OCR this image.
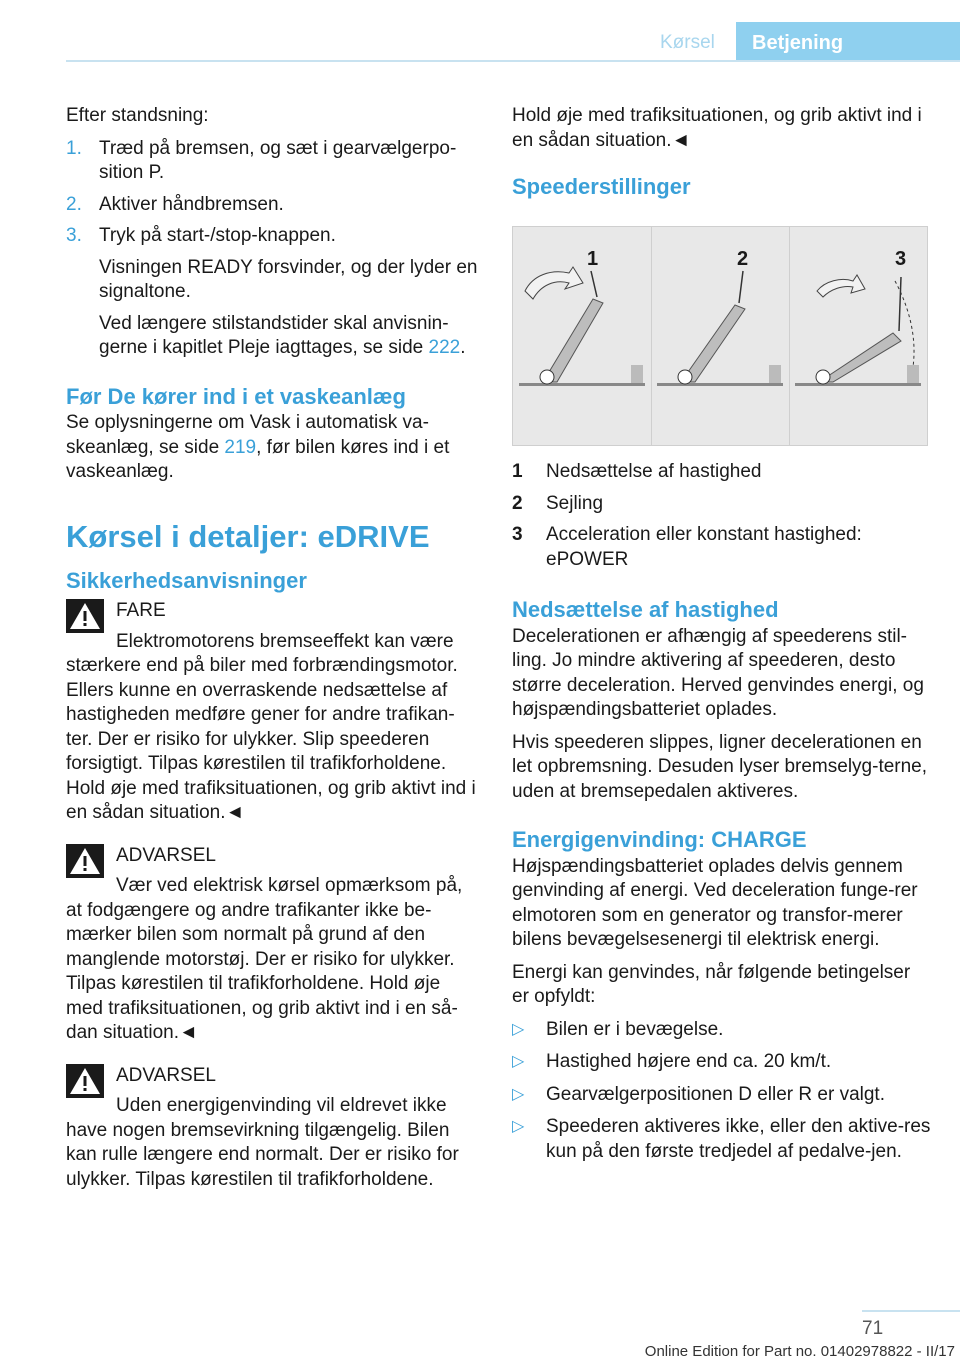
Kørsel	Betjening

Efter standsning:

1. Træd på bremsen, og sæt i gearvælgerpo-sition P.
2. Aktiver håndbremsen.
3. Tryk på start-/stop-knappen.

Visningen READY forsvinder, og der lyder en signaltone.

Ved længere stilstandstider skal anvisnin-gerne i kapitlet Pleje iagttages, se side 222.

Før De kører ind i et vaskeanlæg

Se oplysningerne om Vask i automatisk va-skeanlæg, se side 219, før bilen køres ind i et vaskeanlæg.

Kørsel i detaljer: eDRIVE

Sikkerhedsanvisninger

FARE

Elektromotorens bremseeffekt kan være stærkere end på biler med forbrændingsmotor. Ellers kunne en overraskende nedsættelse af hastigheden medføre gener for andre trafikan-ter. Der er risiko for ulykker. Slip speederen forsigtigt. Tilpas kørestilen til trafikforholdene. Hold øje med trafiksituationen, og grib aktivt ind i en sådan situation.◄

ADVARSEL

Vær ved elektrisk kørsel opmærksom på, at fodgængere og andre trafikanter ikke be-mærker bilen som normalt på grund af den manglende motorstøj. Der er risiko for ulykker. Tilpas kørestilen til trafikforholdene. Hold øje med trafiksituationen, og grib aktivt ind i en så-dan situation.◄

ADVARSEL

Uden energigenvinding vil eldrevet ikke have nogen bremsevirkning tilgængelig. Bilen kan rulle længere end normalt. Der er risiko for ulykker. Tilpas kørestilen til trafikforholdene.

Hold øje med trafiksituationen, og grib aktivt ind i en sådan situation.◄

Speederstillinger

1	2	3
1 Nedsættelse af hastighed
2 Sejling
3 Acceleration eller konstant hastighed: ePOWER

Nedsættelse af hastighed

Decelerationen er afhængig af speederens stil-ling. Jo mindre aktivering af speederen, desto større deceleration. Herved genvindes energi, og højspændingsbatteriet oplades.

Hvis speederen slippes, ligner decelerationen en let opbremsning. Desuden lyser bremselyg-terne, uden at bremsepedalen aktiveres.

Energigenvinding: CHARGE

Højspændingsbatteriet oplades delvis gennem genvinding af energi. Ved deceleration funge-rer elmotoren som en generator og transfor-merer bilens bevægelsesenergi til elektrisk energi.

Energi kan genvindes, når følgende betingelser er opfyldt:

▷ Bilen er i bevægelse.
▷ Hastighed højere end ca. 20 km/t.
▷ Gearvælgerpositionen D eller R er valgt.
▷ Speederen aktiveres ikke, eller den aktive-res kun på den første tredjedel af pedalve-jen.
71
Online Edition for Part no. 01402978822 - II/17
